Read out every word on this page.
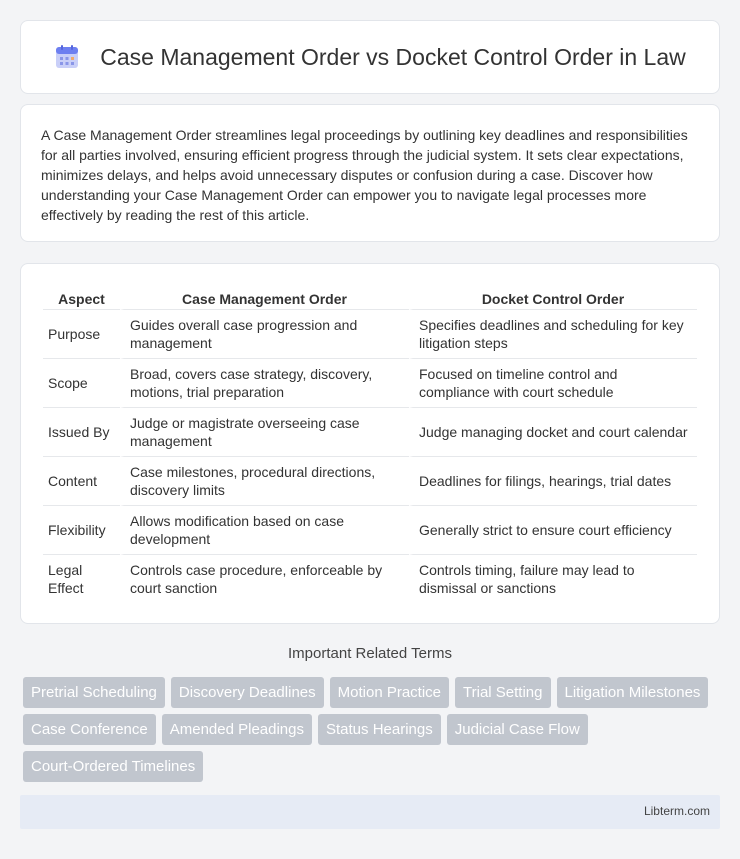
Case Management Order vs Docket Control Order in Law

A Case Management Order streamlines legal proceedings by outlining key deadlines and responsibilities for all parties involved, ensuring efficient progress through the judicial system. It sets clear expectations, minimizes delays, and helps avoid unnecessary disputes or confusion during a case. Discover how understanding your Case Management Order can empower you to navigate legal processes more effectively by reading the rest of this article.

Aspect	Case Management Order	Docket Control Order
Purpose	Guides overall case progression and management	Specifies deadlines and scheduling for key litigation steps
Scope	Broad, covers case strategy, discovery, motions, trial preparation	Focused on timeline control and compliance with court schedule
Issued By	Judge or magistrate overseeing case management	Judge managing docket and court calendar
Content	Case milestones, procedural directions, discovery limits	Deadlines for filings, hearings, trial dates
Flexibility	Allows modification based on case development	Generally strict to ensure court efficiency
Legal Effect	Controls case procedure, enforceable by court sanction	Controls timing, failure may lead to dismissal or sanctions
Important Related Terms
Pretrial Scheduling	Discovery Deadlines	Motion Practice	Trial Setting	Litigation Milestones
Case Conference	Amended Pleadings	Status Hearings	Judicial Case Flow
Court-Ordered Timelines
Libterm.com
